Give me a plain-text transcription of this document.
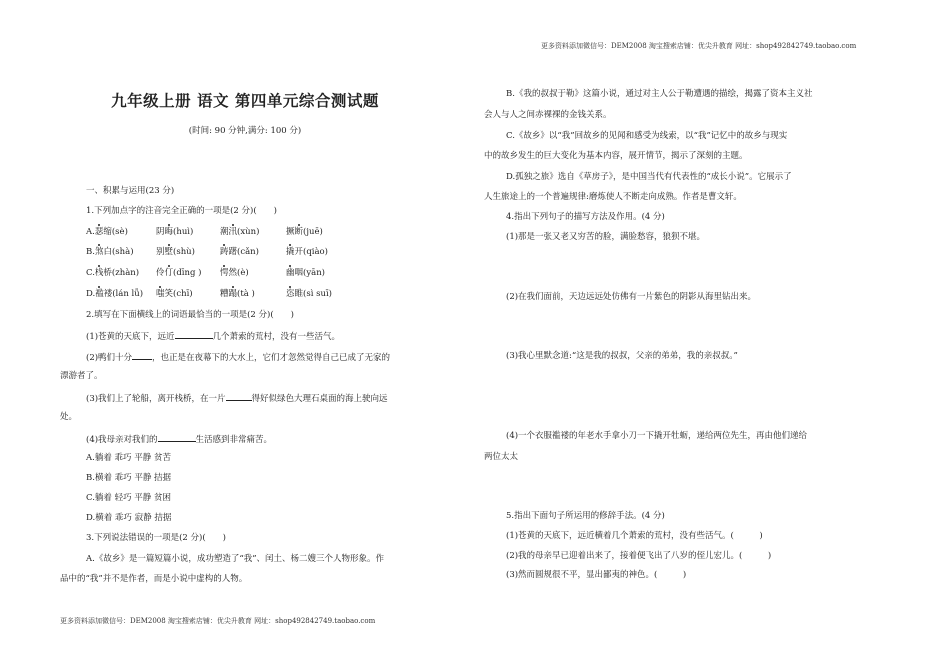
更多资料添加微信号：DEM2008 淘宝搜索店铺：优尖升教育 网址：shop492842749.taobao.com
更多资料添加微信号：DEM2008 淘宝搜索店铺：优尖升教育 网址：shop492842749.taobao.com
九年级上册 语文 第四单元综合测试题
(时间: 90 分钟,满分: 100 分)
一、积累与运用(23 分)
1.下列加点字的注音完全正确的一项是(2 分)(　　)
A.瑟缩(sè)	阴晦(huì)	潮汛(xùn)	撅断(juē)
B.煞白(shà)	别墅(shù)	踌躇(cǎn)	撬开(qiào)
C.栈桥(zhàn) 伶仃(dīng ) 愕然(è)	幽咽(yān)
D.褴褛(lán lǚ) 嗤笑(chī)	糟蹋(tà )	恣睢(sì suī)
2.填写在下面横线上的词语最恰当的一项是(2 分)(　　)
(1)苍黄的天底下，远近	几个萧索的荒村，没有一些活气。
(2)鸭们十分 ，也正是在夜幕下的大水上，它们才忽然觉得自己已成了无家的
漂游者了。
(3)我们上了轮船，离开栈桥，在一片	得好似绿色大理石桌面的海上驶向远
处。
(4)我母亲对我们的	生活感到非常痛苦。
A.躺着 乖巧 平静 贫苦
B.横着 乖巧 平静 拮据
C.躺着 轻巧 平静 贫困
D.横着 乖巧 寂静 拮据
3.下列说法错误的一项是(2 分)(　　)
A.《故乡》是一篇短篇小说，成功塑造了“我”、闰土、杨二嫂三个人物形象。作
品中的“我”并不是作者，而是小说中虚构的人物。
B.《我的叔叔于勒》这篇小说，通过对主人公于勒遭遇的描绘，揭露了资本主义社
会人与人之间赤裸裸的金钱关系。
C.《故乡》以“我”回故乡的见闻和感受为线索，以“我”记忆中的故乡与现实
中的故乡发生的巨大变化为基本内容，展开情节，揭示了深刻的主题。
D.孤独之旅》选自《草房子》，是中国当代有代表性的“成长小说”。它展示了
人生旅途上的一个普遍规律:磨炼使人不断走向成熟。作者是曹文轩。
4.指出下列句子的描写方法及作用。(4 分)
(1)那是一张又老又穷苦的脸，满脸愁容，狼狈不堪。
(2)在我们面前，天边远远处仿佛有一片紫色的阴影从海里钻出来。
(3)我心里默念道:“这是我的叔叔，父亲的弟弟，我的亲叔叔。”
(4)一个衣服褴褛的年老水手拿小刀一下撬开牡蛎，递给两位先生，再由他们递给
两位太太
5.指出下面句子所运用的修辞手法。(4 分)
(1)苍黄的天底下，远近横着几个萧索的荒村，没有些活气。(　　　)
(2)我的母亲早已迎着出来了，接着便飞出了八岁的侄儿宏儿。(　　　)
(3)然而圆规很不平，显出鄙夷的神色。(　　　)
